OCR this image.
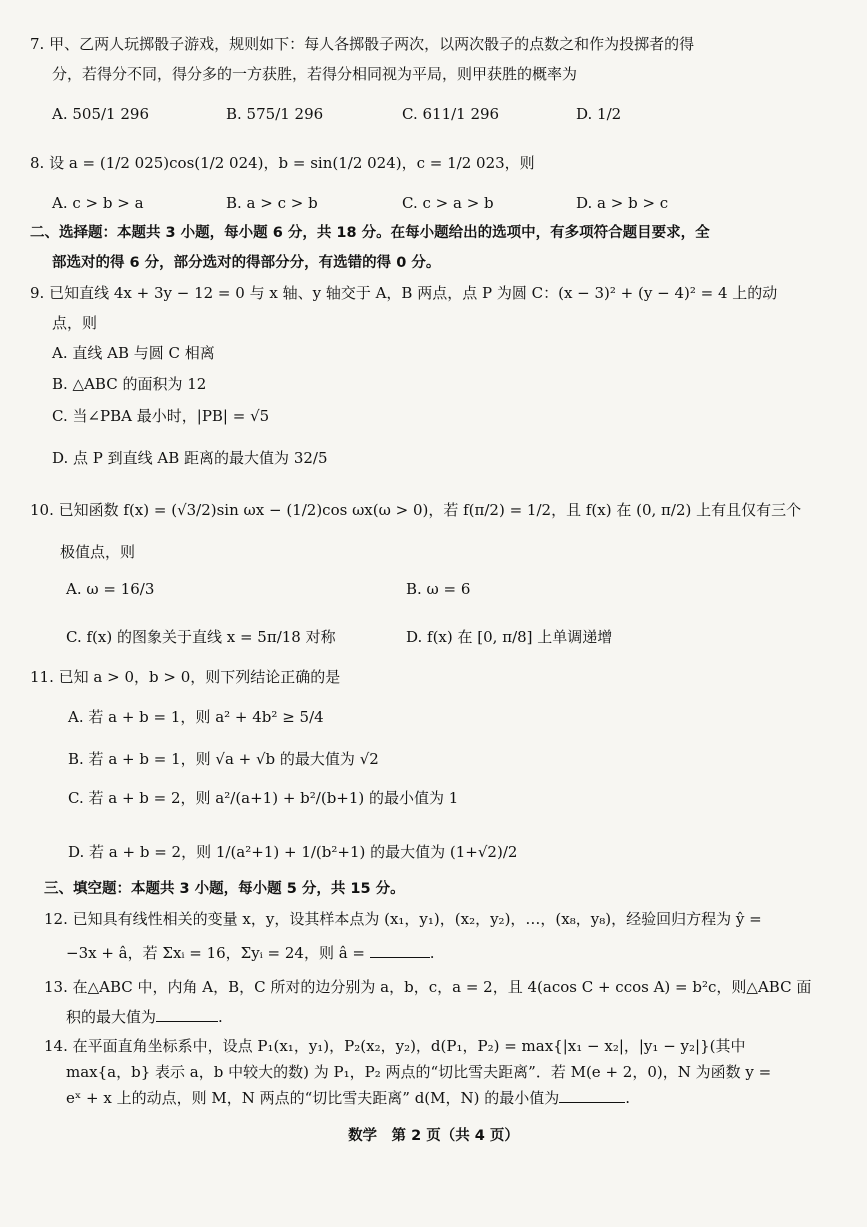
7. 甲、乙两人玩掷骰子游戏，规则如下：每人各掷骰子两次，以两次骰子的点数之和作为投掷者的得
分，若得分不同，得分多的一方获胜，若得分相同视为平局，则甲获胜的概率为
A. 505/1 296	B. 575/1 296	C. 611/1 296	D. 1/2
8. 设 a = (1/2 025)cos(1/2 024)，b = sin(1/2 024)，c = 1/2 023，则
A. c > b > a	B. a > c > b	C. c > a > b	D. a > b > c
二、选择题：本题共 3 小题，每小题 6 分，共 18 分。在每小题给出的选项中，有多项符合题目要求，全
部选对的得 6 分，部分选对的得部分分，有选错的得 0 分。
9. 已知直线 4x + 3y − 12 = 0 与 x 轴、y 轴交于 A，B 两点，点 P 为圆 C：(x − 3)² + (y − 4)² = 4 上的动
点，则
A. 直线 AB 与圆 C 相离
B. △ABC 的面积为 12
C. 当∠PBA 最小时，|PB| = √5
D. 点 P 到直线 AB 距离的最大值为 32/5
10. 已知函数 f(x) = (√3/2)sin ωx − (1/2)cos ωx(ω > 0)，若 f(π/2) = 1/2，且 f(x) 在 (0, π/2) 上有且仅有三个
极值点，则
A. ω = 16/3	B. ω = 6
C. f(x) 的图象关于直线 x = 5π/18 对称	D. f(x) 在 [0, π/8] 上单调递增
11. 已知 a > 0，b > 0，则下列结论正确的是
A. 若 a + b = 1，则 a² + 4b² ≥ 5/4
B. 若 a + b = 1，则 √a + √b 的最大值为 √2
C. 若 a + b = 2，则 a²/(a+1) + b²/(b+1) 的最小值为 1
D. 若 a + b = 2，则 1/(a²+1) + 1/(b²+1) 的最大值为 (1+√2)/2
三、填空题：本题共 3 小题，每小题 5 分，共 15 分。
12. 已知具有线性相关的变量 x，y，设其样本点为 (x₁，y₁)，(x₂，y₂)，…，(x₈，y₈)，经验回归方程为 ŷ =
−3x + â，若 Σxᵢ = 16，Σyᵢ = 24，则 â =	.
13. 在△ABC 中，内角 A，B，C 所对的边分别为 a，b，c，a = 2，且 4(acos C + ccos A) = b²c，则△ABC 面
积的最大值为	.
14. 在平面直角坐标系中，设点 P₁(x₁，y₁)，P₂(x₂，y₂)，d(P₁，P₂) = max{|x₁ − x₂|，|y₁ − y₂|}(其中
max{a，b} 表示 a，b 中较大的数) 为 P₁，P₂ 两点的“切比雪夫距离”．若 M(e + 2，0)，N 为函数 y =
eˣ + x 上的动点，则 M，N 两点的“切比雪夫距离” d(M，N) 的最小值为	.
数学　第 2 页（共 4 页）
